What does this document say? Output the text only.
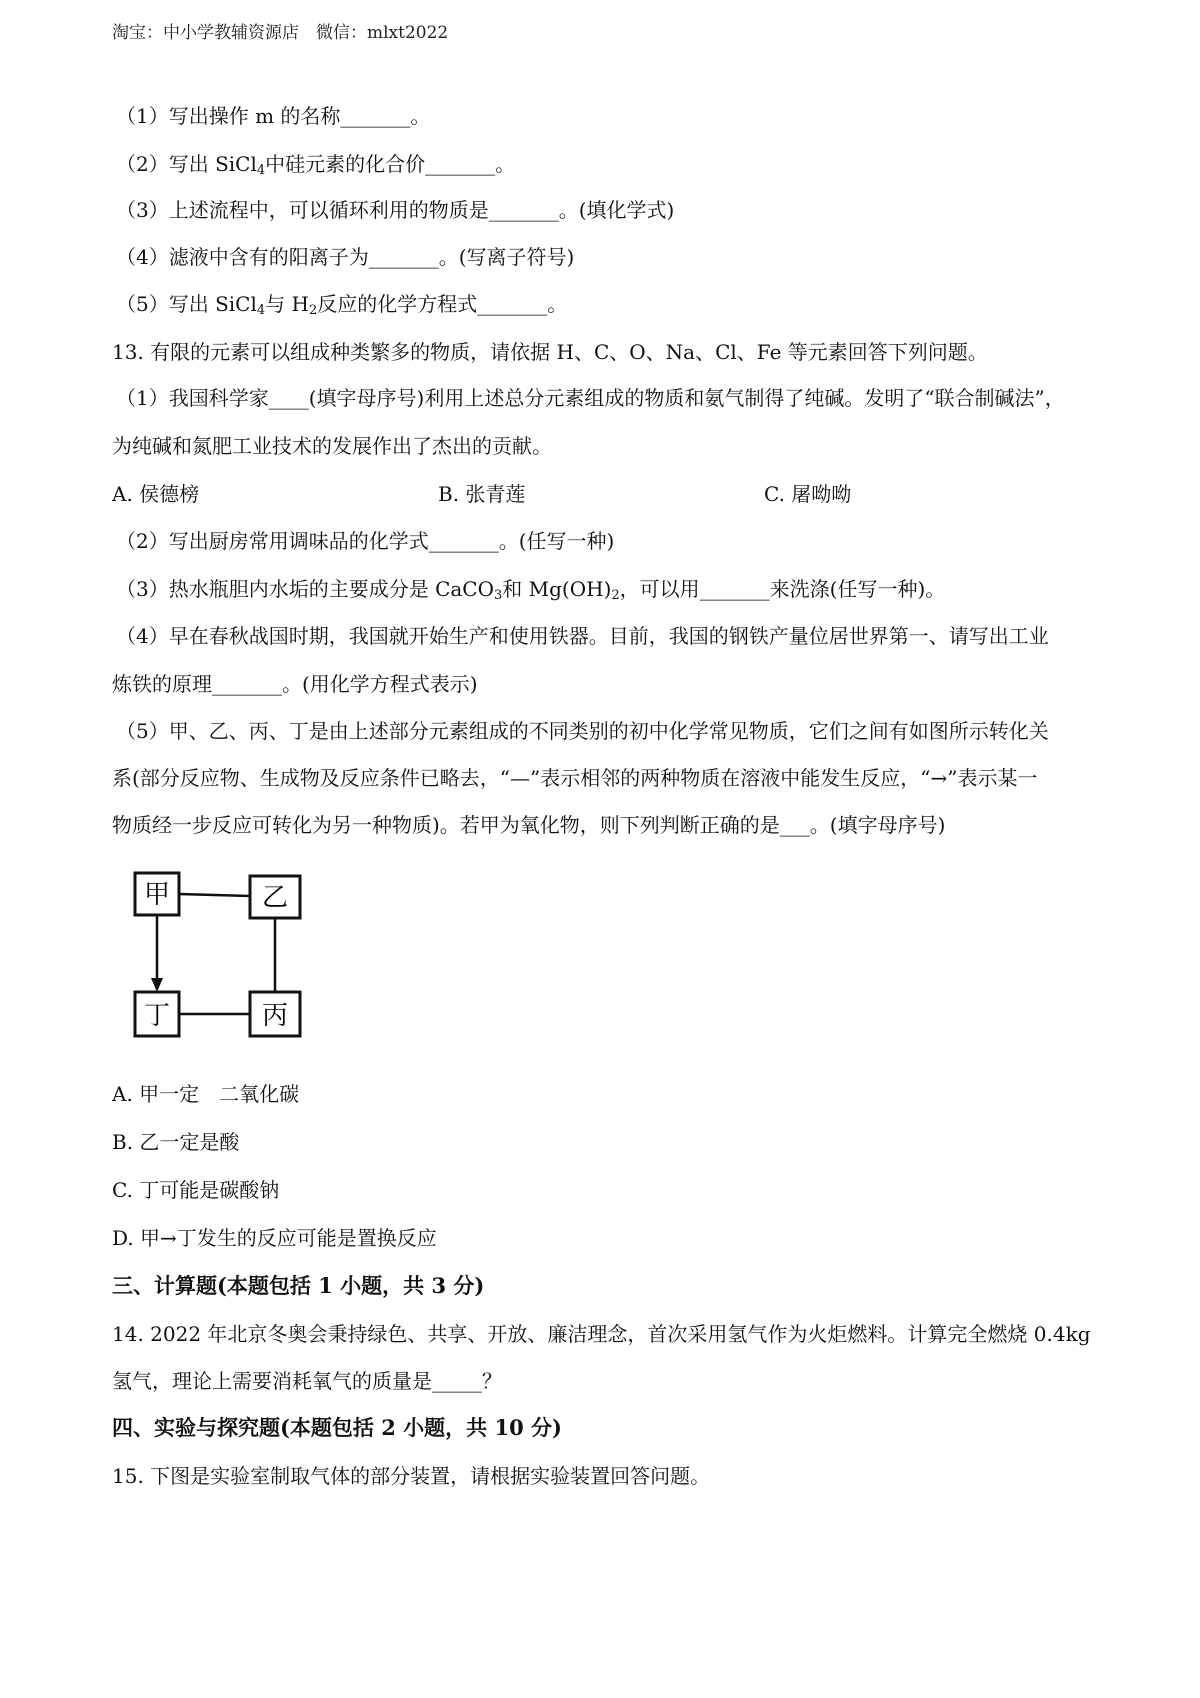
淘宝：中小学教辅资源店　微信：mlxt2022
（1）写出操作 m 的名称_______。
（2）写出 SiCl$_4$中硅元素的化合价_______。
（3）上述流程中，可以循环利用的物质是_______。(填化学式)
（4）滤液中含有的阳离子为_______。(写离子符号)
（5）写出 SiCl$_4$与 $H_2$反应的化学方程式_______。
13. 有限的元素可以组成种类繁多的物质，请依据 H、C、O、Na、Cl、Fe 等元素回答下列问题。
（1）我国科学家____(填字母序号)利用上述总分元素组成的物质和氨气制得了纯碱。发明了“联合制碱法”，
为纯碱和氮肥工业技术的发展作出了杰出的贡献。
A. 侯德榜	B. 张青莲	C. 屠呦呦
（2）写出厨房常用调味品的化学式_______。(任写一种)
（3）热水瓶胆内水垢的主要成分是 CaCO$_3$和 $Mg(OH)_2$，可以用_______来洗涤(任写一种)。
（4）早在春秋战国时期，我国就开始生产和使用铁器。目前，我国的钢铁产量位居世界第一、请写出工业
炼铁的原理_______。(用化学方程式表示)
（5）甲、乙、丙、丁是由上述部分元素组成的不同类别的初中化学常见物质，它们之间有如图所示转化关
系(部分反应物、生成物及反应条件已略去，“—”表示相邻的两种物质在溶液中能发生反应，“→”表示某一
物质经一步反应可转化为另一种物质)。若甲为氧化物，则下列判断正确的是___。(填字母序号)
甲	乙
丁	丙
A. 甲一定　二氧化碳
B. 乙一定是酸
C. 丁可能是碳酸钠
D. 甲→丁发生的反应可能是置换反应
三、计算题(本题包括 1 小题，共 3 分)
14. 2022 年北京冬奥会秉持绿色、共享、开放、廉洁理念，首次采用氢气作为火炬燃料。计算完全燃烧 0.4kg
氢气，理论上需要消耗氧气的质量是_____？
四、实验与探究题(本题包括 2 小题，共 10 分)
15. 下图是实验室制取气体的部分装置，请根据实验装置回答问题。
